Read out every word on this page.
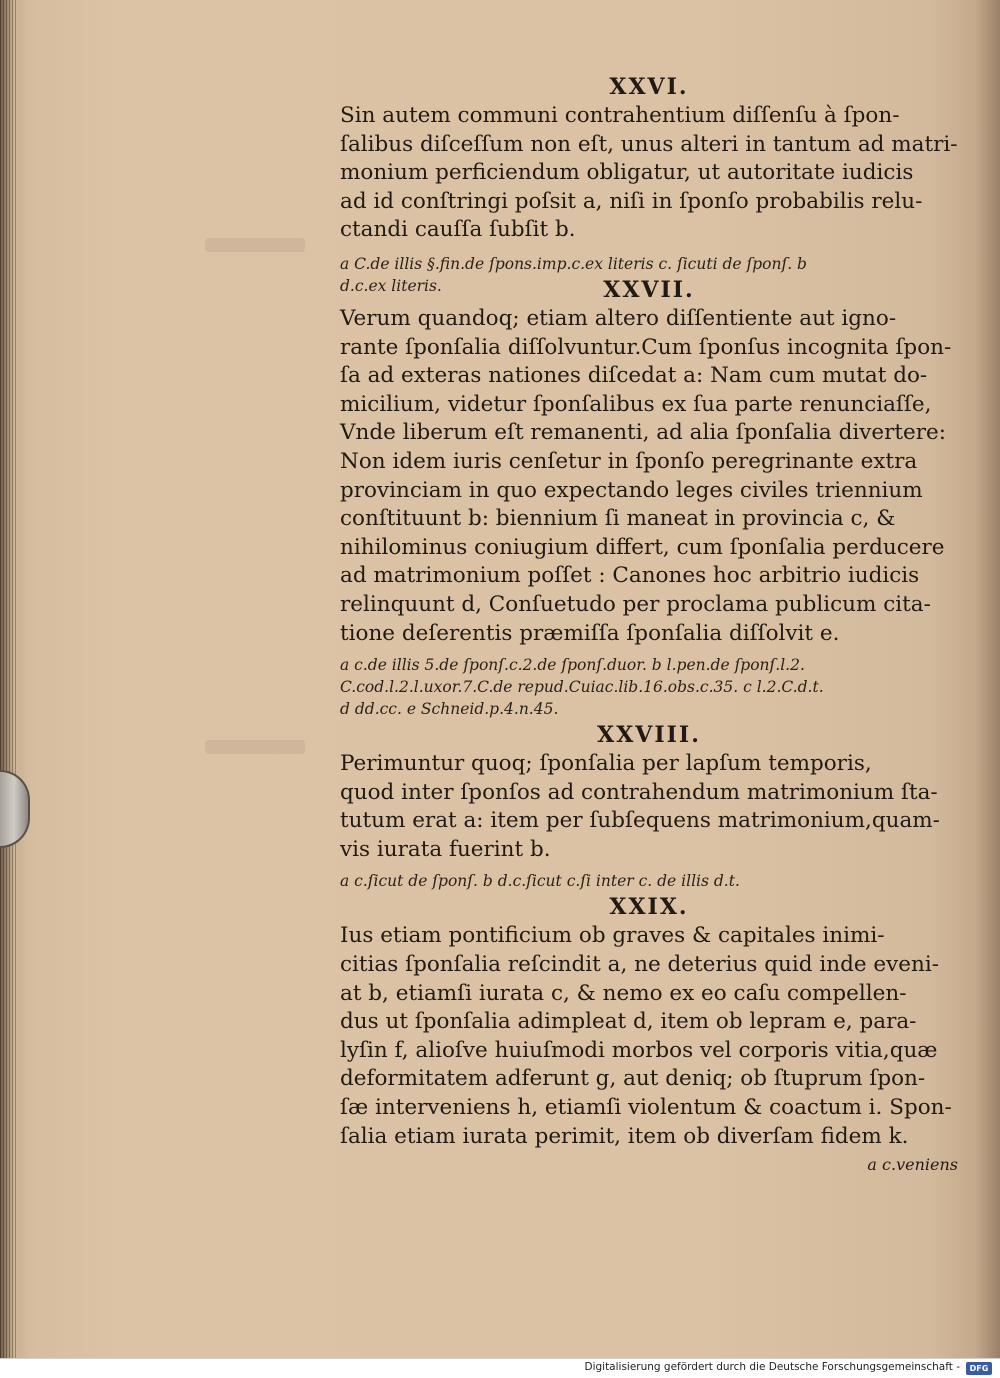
XXVI.

Sin autem communi contrahentium diſſenſu à ſpon-

ſalibus diſceſſum non eſt, unus alteri in tantum ad matri-

monium perficiendum obligatur, ut autoritate iudicis

ad id conſtringi poſsit a, niſi in ſponſo probabilis relu-

ctandi cauſſa ſubſit b.

a C.de illis §.fin.de ſpons.imp.c.ex literis c. ſicuti de ſponſ. b

d.c.ex literis.	XXVII.

Verum quandoq; etiam altero diſſentiente aut igno-

rante ſponſalia diſſolvuntur.Cum ſponſus incognita ſpon-

ſa ad exteras nationes diſcedat a: Nam cum mutat do-

micilium, videtur ſponſalibus ex ſua parte renunciaſſe,

Vnde liberum eſt remanenti, ad alia ſponſalia divertere:

Non idem iuris cenſetur in ſponſo peregrinante extra

provinciam in quo expectando leges civiles triennium

conſtituunt b: biennium ſi maneat in provincia c, &

nihilominus coniugium differt, cum ſponſalia perducere

ad matrimonium poſſet : Canones hoc arbitrio iudicis

relinquunt d, Conſuetudo per proclama publicum cita-

tione deſerentis præmiſſa ſponſalia diſſolvit e.

a c.de illis 5.de ſponſ.c.2.de ſponſ.duor. b l.pen.de ſponſ.l.2.

C.cod.l.2.l.uxor.7.C.de repud.Cuiac.lib.16.obs.c.35. c l.2.C.d.t.

d dd.cc. e Schneid.p.4.n.45.

XXVIII.

Perimuntur quoq; ſponſalia per lapſum temporis,

quod inter ſponſos ad contrahendum matrimonium ſta-

tutum erat a: item per ſubſequens matrimonium,quam-

vis iurata fuerint b.

a c.ſicut de ſponſ. b d.c.ſicut c.ſi inter c. de illis d.t.

XXIX.

Ius etiam pontificium ob graves & capitales inimi-

citias ſponſalia reſcindit a, ne deterius quid inde eveni-

at b, etiamſi iurata c, & nemo ex eo caſu compellen-

dus ut ſponſalia adimpleat d, item ob lepram e, para-

lyſin f, alioſve huiuſmodi morbos vel corporis vitia,quæ

deformitatem adferunt g, aut deniq; ob ſtuprum ſpon-

ſæ interveniens h, etiamſi violentum & coactum i. Spon-

ſalia etiam iurata perimit, item ob diverſam fidem k.

a c.veniens

Digitalisierung gefördert durch die Deutsche Forschungsgemeinschaft -	DFG
